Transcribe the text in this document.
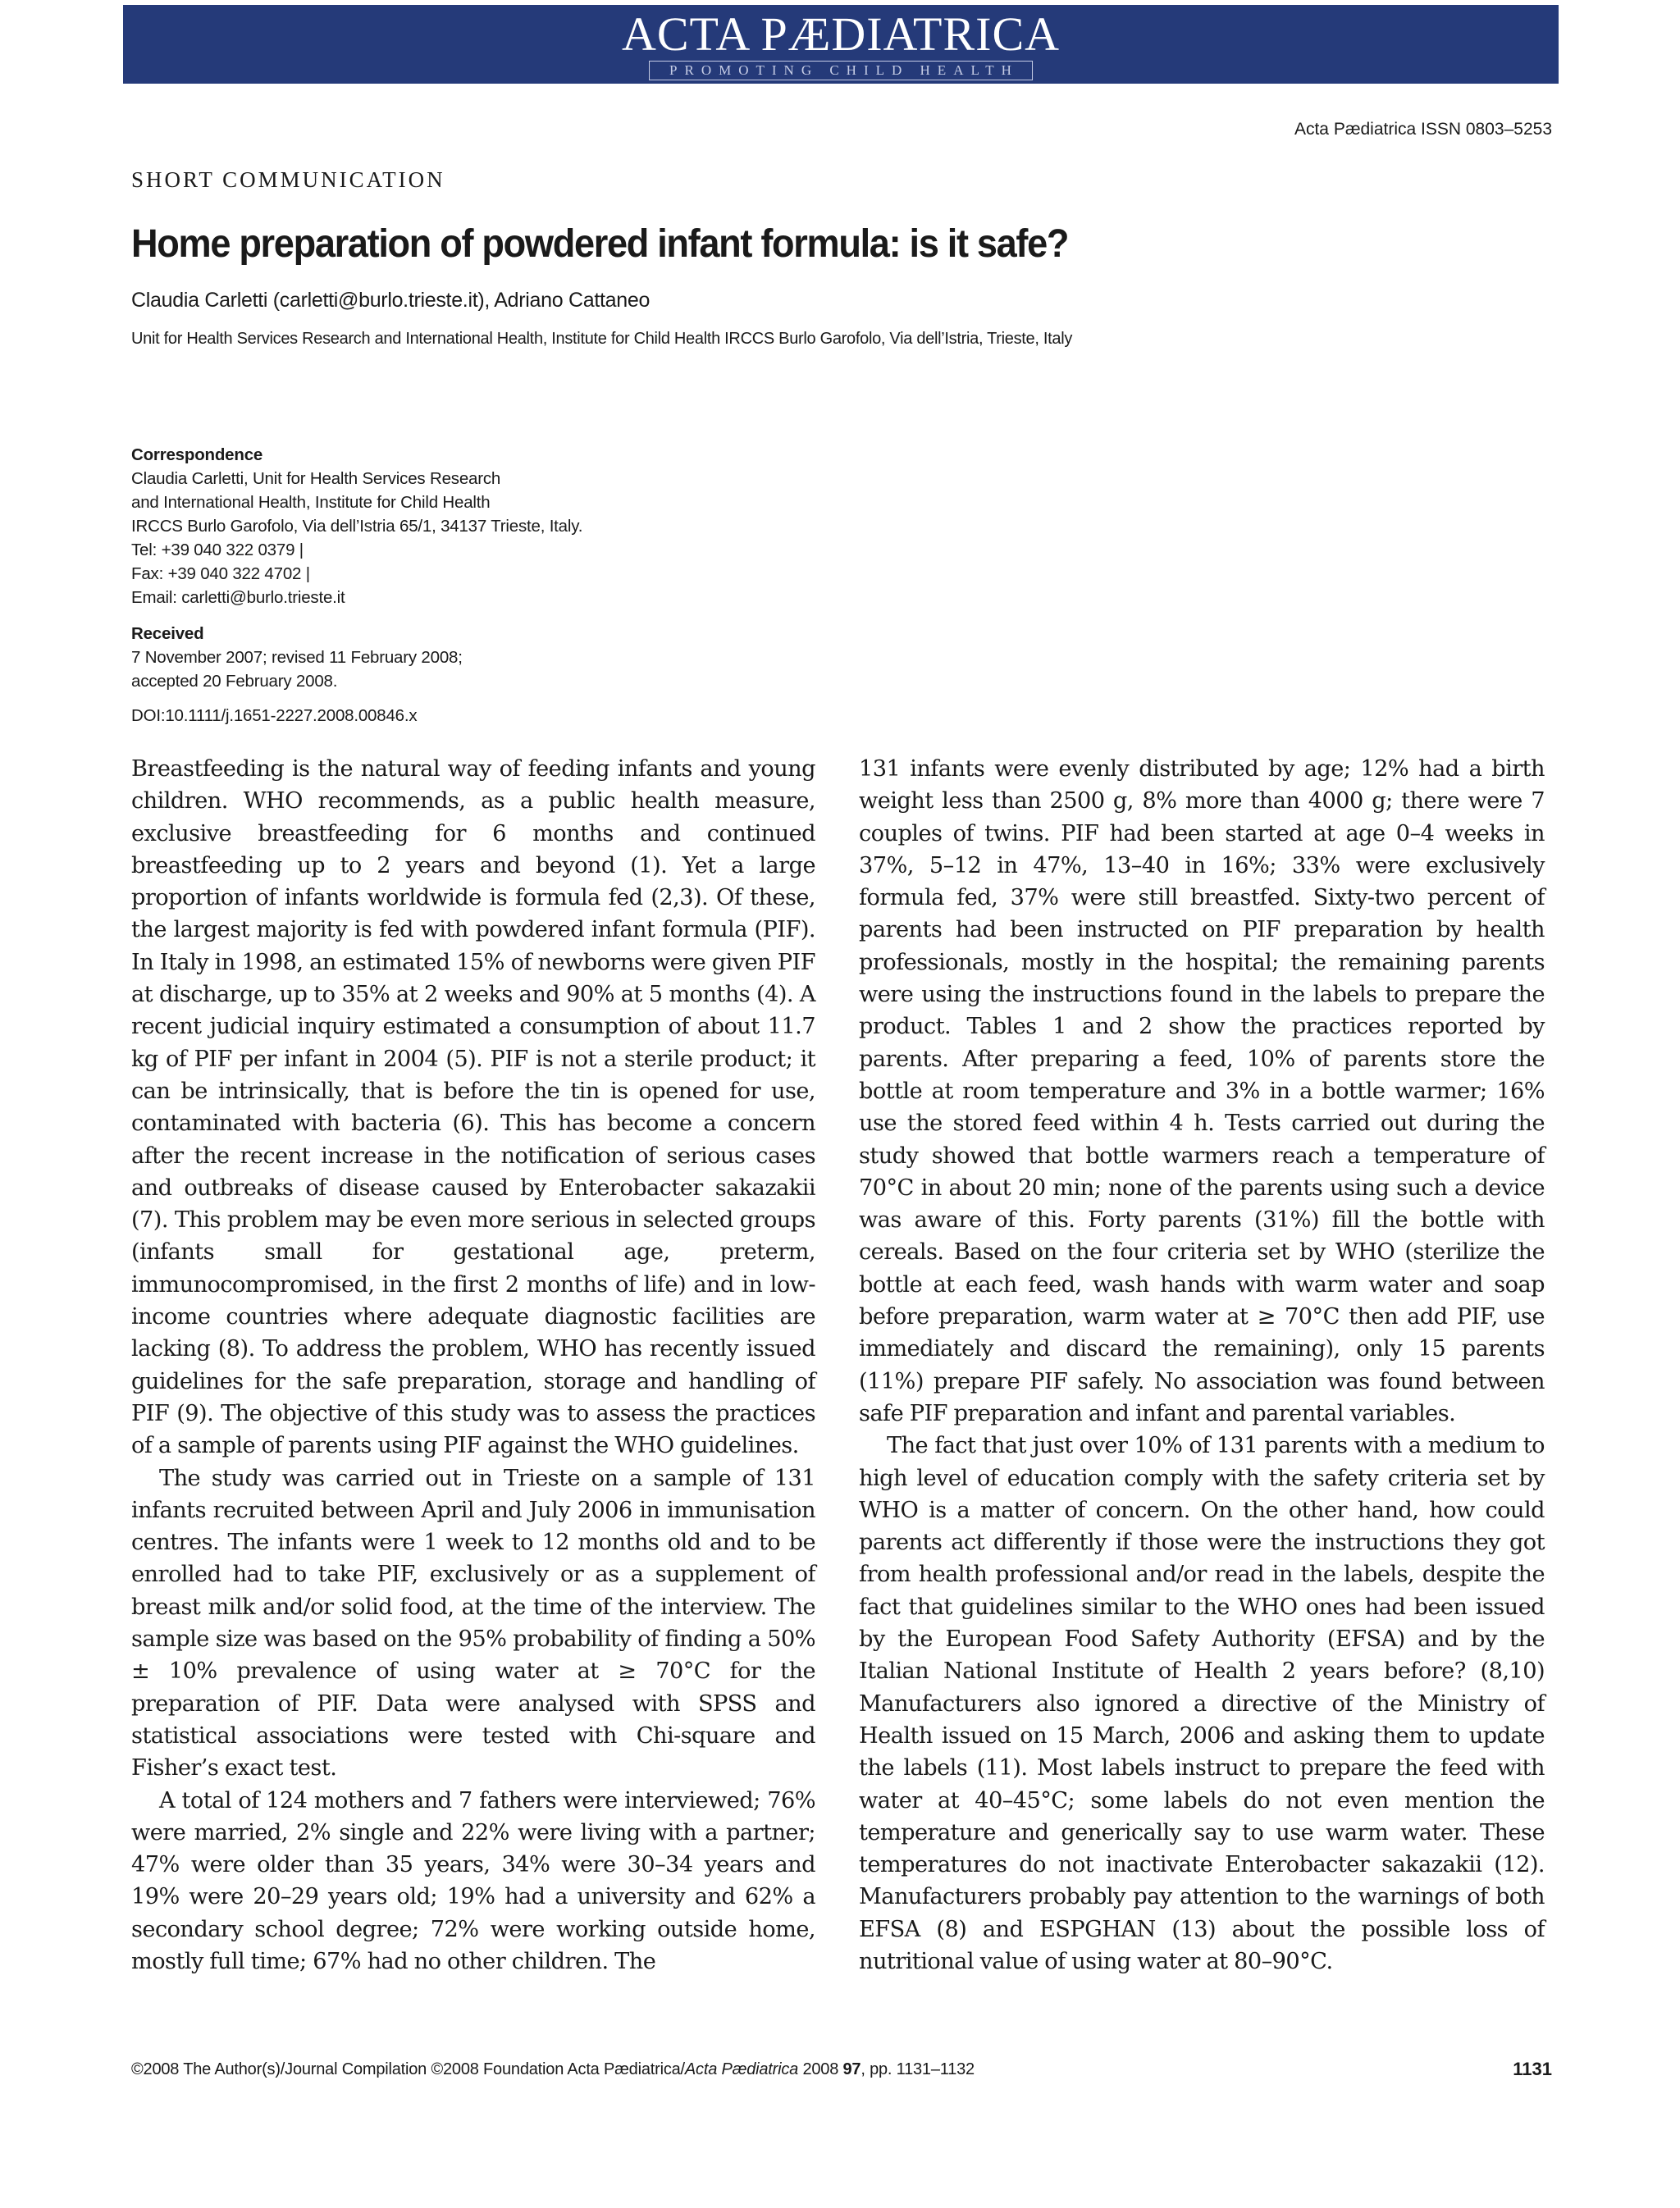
ACTA PÆDIATRICA
PROMOTING CHILD HEALTH
Acta Pædiatrica ISSN 0803–5253
SHORT COMMUNICATION
Home preparation of powdered infant formula: is it safe?
Claudia Carletti (carletti@burlo.trieste.it), Adriano Cattaneo
Unit for Health Services Research and International Health, Institute for Child Health IRCCS Burlo Garofolo, Via dell’Istria, Trieste, Italy
Correspondence
Claudia Carletti, Unit for Health Services Research
and International Health, Institute for Child Health
IRCCS Burlo Garofolo, Via dell’Istria 65/1, 34137 Trieste, Italy.
Tel: +39 040 322 0379 |
Fax: +39 040 322 4702 |
Email: carletti@burlo.trieste.it
Received
7 November 2007; revised 11 February 2008;
accepted 20 February 2008.
DOI:10.1111/j.1651-2227.2008.00846.x

Breastfeeding is the natural way of feeding infants and young children. WHO recommends, as a public health measure, exclusive breastfeeding for 6 months and continued breastfeeding up to 2 years and beyond (1). Yet a large proportion of infants worldwide is formula fed (2,3). Of these, the largest majority is fed with powdered infant formula (PIF). In Italy in 1998, an estimated 15% of newborns were given PIF at discharge, up to 35% at 2 weeks and 90% at 5 months (4). A recent judicial inquiry estimated a consumption of about 11.7 kg of PIF per infant in 2004 (5). PIF is not a sterile product; it can be intrinsically, that is before the tin is opened for use, contaminated with bacteria (6). This has become a concern after the recent increase in the notification of serious cases and outbreaks of disease caused by Enterobacter sakazakii (7). This problem may be even more serious in selected groups (infants small for gestational age, preterm, immunocompromised, in the first 2 months of life) and in low-income countries where adequate diagnostic facilities are lacking (8). To address the problem, WHO has recently issued guidelines for the safe preparation, storage and handling of PIF (9). The objective of this study was to assess the practices of a sample of parents using PIF against the WHO guidelines.

The study was carried out in Trieste on a sample of 131 infants recruited between April and July 2006 in immunisation centres. The infants were 1 week to 12 months old and to be enrolled had to take PIF, exclusively or as a supplement of breast milk and/or solid food, at the time of the interview. The sample size was based on the 95% probability of finding a 50% ± 10% prevalence of using water at ≥ 70°C for the preparation of PIF. Data were analysed with SPSS and statistical associations were tested with Chi-square and Fisher’s exact test.

A total of 124 mothers and 7 fathers were interviewed; 76% were married, 2% single and 22% were living with a partner; 47% were older than 35 years, 34% were 30–34 years and 19% were 20–29 years old; 19% had a university and 62% a secondary school degree; 72% were working outside home, mostly full time; 67% had no other children. The

131 infants were evenly distributed by age; 12% had a birth weight less than 2500 g, 8% more than 4000 g; there were 7 couples of twins. PIF had been started at age 0–4 weeks in 37%, 5–12 in 47%, 13–40 in 16%; 33% were exclusively formula fed, 37% were still breastfed. Sixty-two percent of parents had been instructed on PIF preparation by health professionals, mostly in the hospital; the remaining parents were using the instructions found in the labels to prepare the product. Tables 1 and 2 show the practices reported by parents. After preparing a feed, 10% of parents store the bottle at room temperature and 3% in a bottle warmer; 16% use the stored feed within 4 h. Tests carried out during the study showed that bottle warmers reach a temperature of 70°C in about 20 min; none of the parents using such a device was aware of this. Forty parents (31%) fill the bottle with cereals. Based on the four criteria set by WHO (sterilize the bottle at each feed, wash hands with warm water and soap before preparation, warm water at ≥ 70°C then add PIF, use immediately and discard the remaining), only 15 parents (11%) prepare PIF safely. No association was found between safe PIF preparation and infant and parental variables.

The fact that just over 10% of 131 parents with a medium to high level of education comply with the safety criteria set by WHO is a matter of concern. On the other hand, how could parents act differently if those were the instructions they got from health professional and/or read in the labels, despite the fact that guidelines similar to the WHO ones had been issued by the European Food Safety Authority (EFSA) and by the Italian National Institute of Health 2 years before? (8,10) Manufacturers also ignored a directive of the Ministry of Health issued on 15 March, 2006 and asking them to update the labels (11). Most labels instruct to prepare the feed with water at 40–45°C; some labels do not even mention the temperature and generically say to use warm water. These temperatures do not inactivate Enterobacter sakazakii (12). Manufacturers probably pay attention to the warnings of both EFSA (8) and ESPGHAN (13) about the possible loss of nutritional value of using water at 80–90°C.

©2008 The Author(s)/Journal Compilation ©2008 Foundation Acta Pædiatrica/Acta Pædiatrica 2008 97, pp. 1131–1132	1131
